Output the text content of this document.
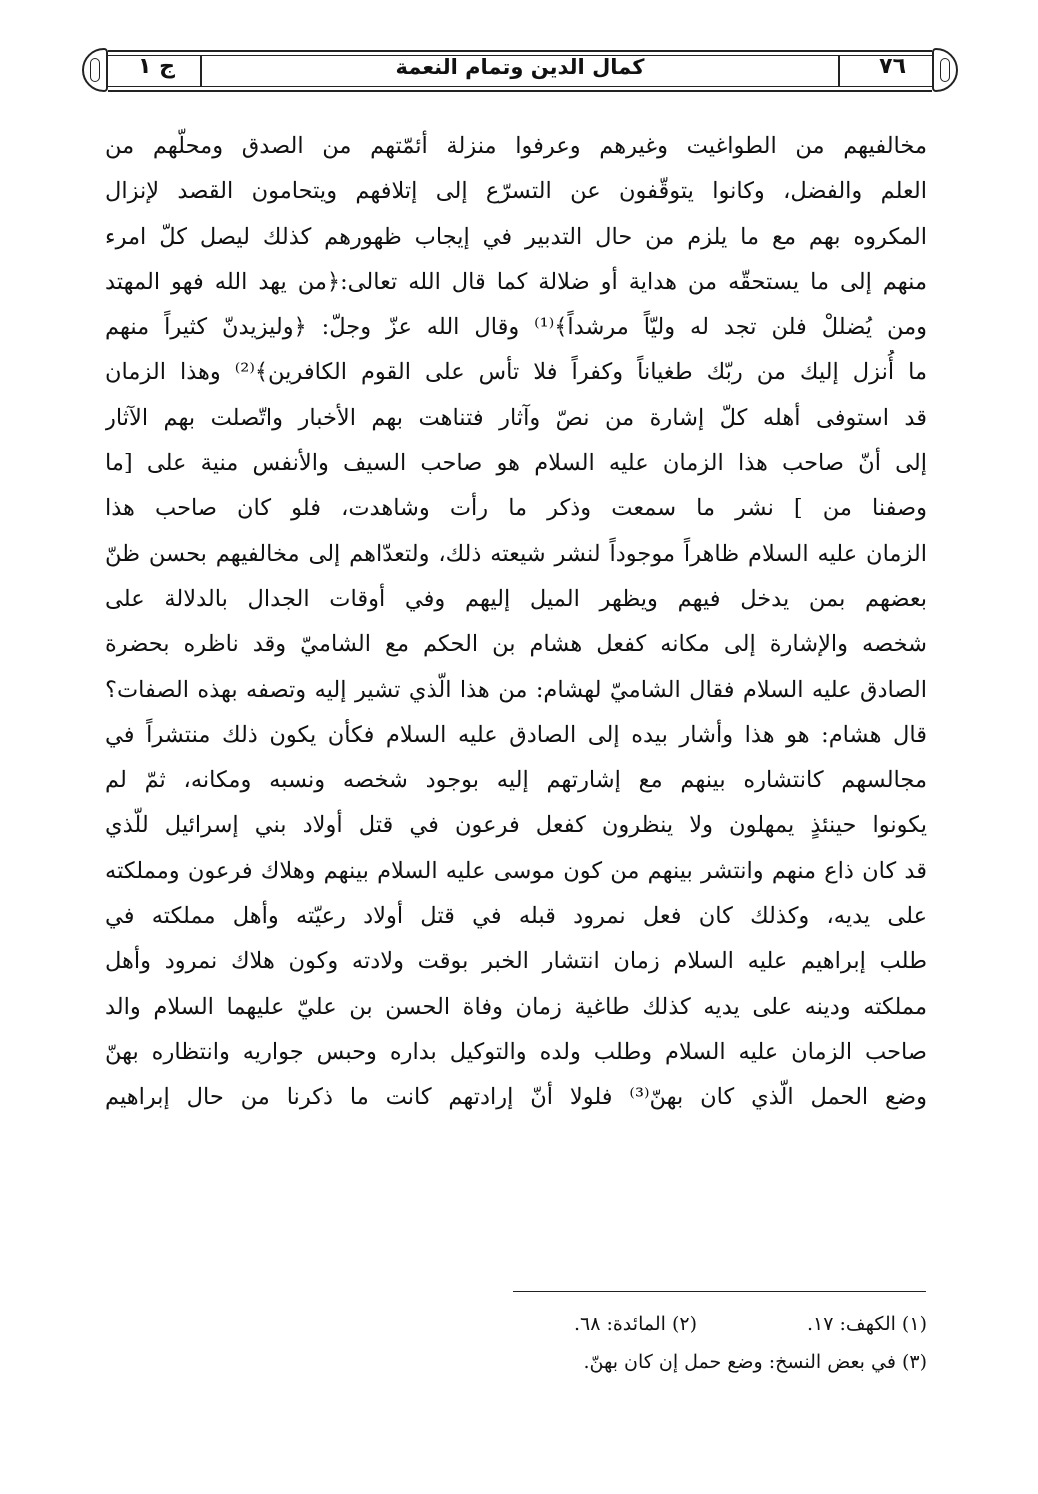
٧٦
كمال الدين وتمام النعمة
ج ١
مخالفيهم من الطواغيت وغيرهم وعرفوا منزلة أئمّتهم من الصدق ومحلّهم من
العلم والفضل، وكانوا يتوقّفون عن التسرّع إلى إتلافهم ويتحامون القصد لإنزال
المكروه بهم مع ما يلزم من حال التدبير في إيجاب ظهورهم كذلك ليصل كلّ امرء
منهم إلى ما يستحقّه من هداية أو ضلالة كما قال الله تعالى:﴿من يهد الله فهو المهتد
ومن يُضللْ فلن تجد له وليّاً مرشداً﴾⁽¹⁾ وقال الله عزّ وجلّ: ﴿وليزيدنّ كثيراً منهم
ما أُنزل إليك من ربّك طغياناً وكفراً فلا تأس على القوم الكافرين﴾⁽²⁾ وهذا الزمان
قد استوفى أهله كلّ إشارة من نصّ وآثار فتناهت بهم الأخبار واتّصلت بهم الآثار
إلى أنّ صاحب هذا الزمان عليه السلام هو صاحب السيف والأنفس منية على [ما
وصفنا من ] نشر ما سمعت وذكر ما رأت وشاهدت، فلو كان صاحب هذا
الزمان عليه السلام ظاهراً موجوداً لنشر شيعته ذلك، ولتعدّاهم إلى مخالفيهم بحسن ظنّ
بعضهم بمن يدخل فيهم ويظهر الميل إليهم وفي أوقات الجدال بالدلالة على
شخصه والإشارة إلى مكانه كفعل هشام بن الحكم مع الشاميّ وقد ناظره بحضرة
الصادق عليه السلام فقال الشاميّ لهشام: من هذا الّذي تشير إليه وتصفه بهذه الصفات؟
قال هشام: هو هذا وأشار بيده إلى الصادق عليه السلام فكأن يكون ذلك منتشراً في
مجالسهم كانتشاره بينهم مع إشارتهم إليه بوجود شخصه ونسبه ومكانه، ثمّ لم
يكونوا حينئذٍ يمهلون ولا ينظرون كفعل فرعون في قتل أولاد بني إسرائيل للّذي
قد كان ذاع منهم وانتشر بينهم من كون موسى عليه السلام بينهم وهلاك فرعون ومملكته
على يديه، وكذلك كان فعل نمرود قبله في قتل أولاد رعيّته وأهل مملكته في
طلب إبراهيم عليه السلام زمان انتشار الخبر بوقت ولادته وكون هلاك نمرود وأهل
مملكته ودينه على يديه كذلك طاغية زمان وفاة الحسن بن عليّ عليهما السلام والد
صاحب الزمان عليه السلام وطلب ولده والتوكيل بداره وحبس جواريه وانتظاره بهنّ
وضع الحمل الّذي كان بهنّ⁽³⁾ فلولا أنّ إرادتهم كانت ما ذكرنا من حال إبراهيم
(١) الكهف: ١٧.
(٢) المائدة: ٦٨.
(٣) في بعض النسخ: وضع حمل إن كان بهنّ.
